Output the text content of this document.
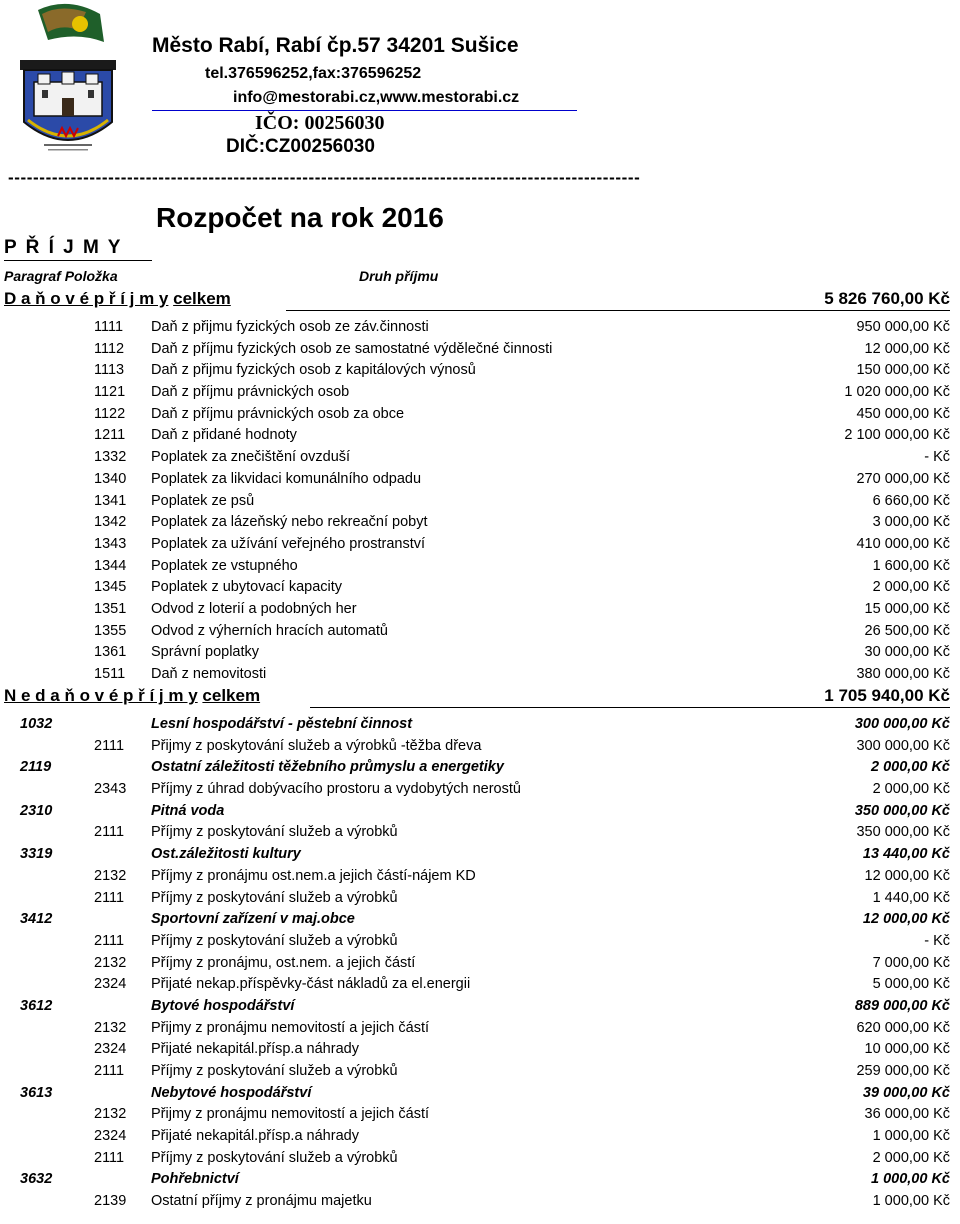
Město Rabí, Rabí čp.57 34201 Sušice
tel.376596252,fax:376596252
info@mestorabi.cz,www.mestorabi.cz
IČO: 00256030
DIČ:CZ00256030
-----------------------------------------------------------------------------------------------------
Rozpočet na rok 2016
P Ř Í J M Y
Paragraf Položka	Druh příjmu
D a ň o v é p ř í j m y celkem	5 826 760,00 Kč
1111	Daň z přijmu fyzických osob ze záv.činnosti	950 000,00 Kč
1112	Daň z příjmu fyzických osob ze samostatné výdělečné činnosti	12 000,00 Kč
1113	Daň z přijmu fyzických osob z kapitálových výnosů	150 000,00 Kč
1121	Daň z příjmu právnických osob	1 020 000,00 Kč
1122	Daň z příjmu právnických osob za obce	450 000,00 Kč
1211	Daň z přidané hodnoty	2 100 000,00 Kč
1332	Poplatek za znečištění ovzduší	- Kč
1340	Poplatek za likvidaci komunálního odpadu	270 000,00 Kč
1341	Poplatek ze psů	6 660,00 Kč
1342	Poplatek za lázeňský nebo rekreační pobyt	3 000,00 Kč
1343	Poplatek za užívání veřejného prostranství	410 000,00 Kč
1344	Poplatek ze vstupného	1 600,00 Kč
1345	Poplatek z ubytovací kapacity	2 000,00 Kč
1351	Odvod z loterií a podobných her	15 000,00 Kč
1355	Odvod z výherních hracích automatů	26 500,00 Kč
1361	Správní poplatky	30 000,00 Kč
1511	Daň z nemovitosti	380 000,00 Kč
N e d a ň o v é p ř í j m y celkem	1 705 940,00 Kč
1032	Lesní hospodářství - pěstební činnost	300 000,00 Kč
2111	Přijmy z poskytování služeb a výrobků -těžba dřeva	300 000,00 Kč
2119	Ostatní záležitosti těžebního průmyslu a energetiky	2 000,00 Kč
2343	Příjmy z úhrad dobývacího prostoru a vydobytých nerostů	2 000,00 Kč
2310	Pitná voda	350 000,00 Kč
2111	Příjmy z poskytování služeb a výrobků	350 000,00 Kč
3319	Ost.záležitosti kultury	13 440,00 Kč
2132	Příjmy z pronájmu ost.nem.a jejich částí-nájem KD	12 000,00 Kč
2111	Příjmy z poskytování služeb a výrobků	1 440,00 Kč
3412	Sportovní zařízení v maj.obce	12 000,00 Kč
2111	Příjmy z poskytování služeb a výrobků	- Kč
2132	Příjmy z pronájmu, ost.nem. a jejich částí	7 000,00 Kč
2324	Přijaté nekap.příspěvky-část nákladů za el.energii	5 000,00 Kč
3612	Bytové hospodářství	889 000,00 Kč
2132	Přijmy z pronájmu nemovitostí a jejich částí	620 000,00 Kč
2324	Přijaté nekapitál.přísp.a náhrady	10 000,00 Kč
2111	Příjmy z poskytování služeb a výrobků	259 000,00 Kč
3613	Nebytové hospodářství	39 000,00 Kč
2132	Přijmy z pronájmu nemovitostí a jejich částí	36 000,00 Kč
2324	Přijaté nekapitál.přísp.a náhrady	1 000,00 Kč
2111	Příjmy z poskytování služeb a výrobků	2 000,00 Kč
3632	Pohřebnictví	1 000,00 Kč
2139	Ostatní příjmy z pronájmu majetku	1 000,00 Kč
